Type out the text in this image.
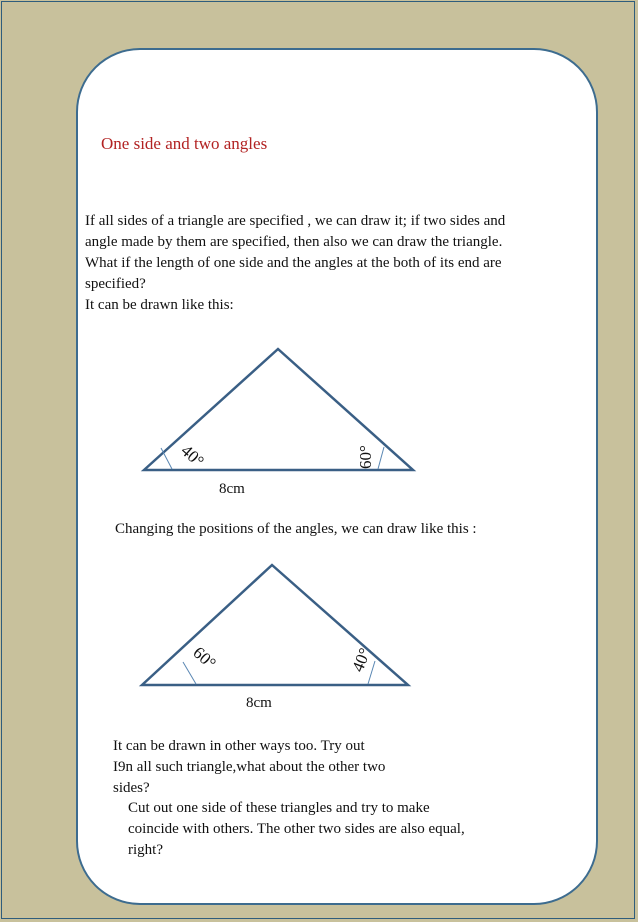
One side and two angles

If all sides of a triangle are specified , we can draw it; if two sides and
angle made by them are specified, then also we can draw the triangle.
What if the length of one side and the angles at the both of its end are
specified?
It can be drawn like this:

40°	60°
8cm

Changing the positions of the angles, we can draw like this :

60°	40°
8cm

It can be drawn in other ways too. Try out
I9n all such triangle,what about the other two
sides?

Cut out one side of these triangles and try to make
coincide with others. The other two sides are also equal,
right?
